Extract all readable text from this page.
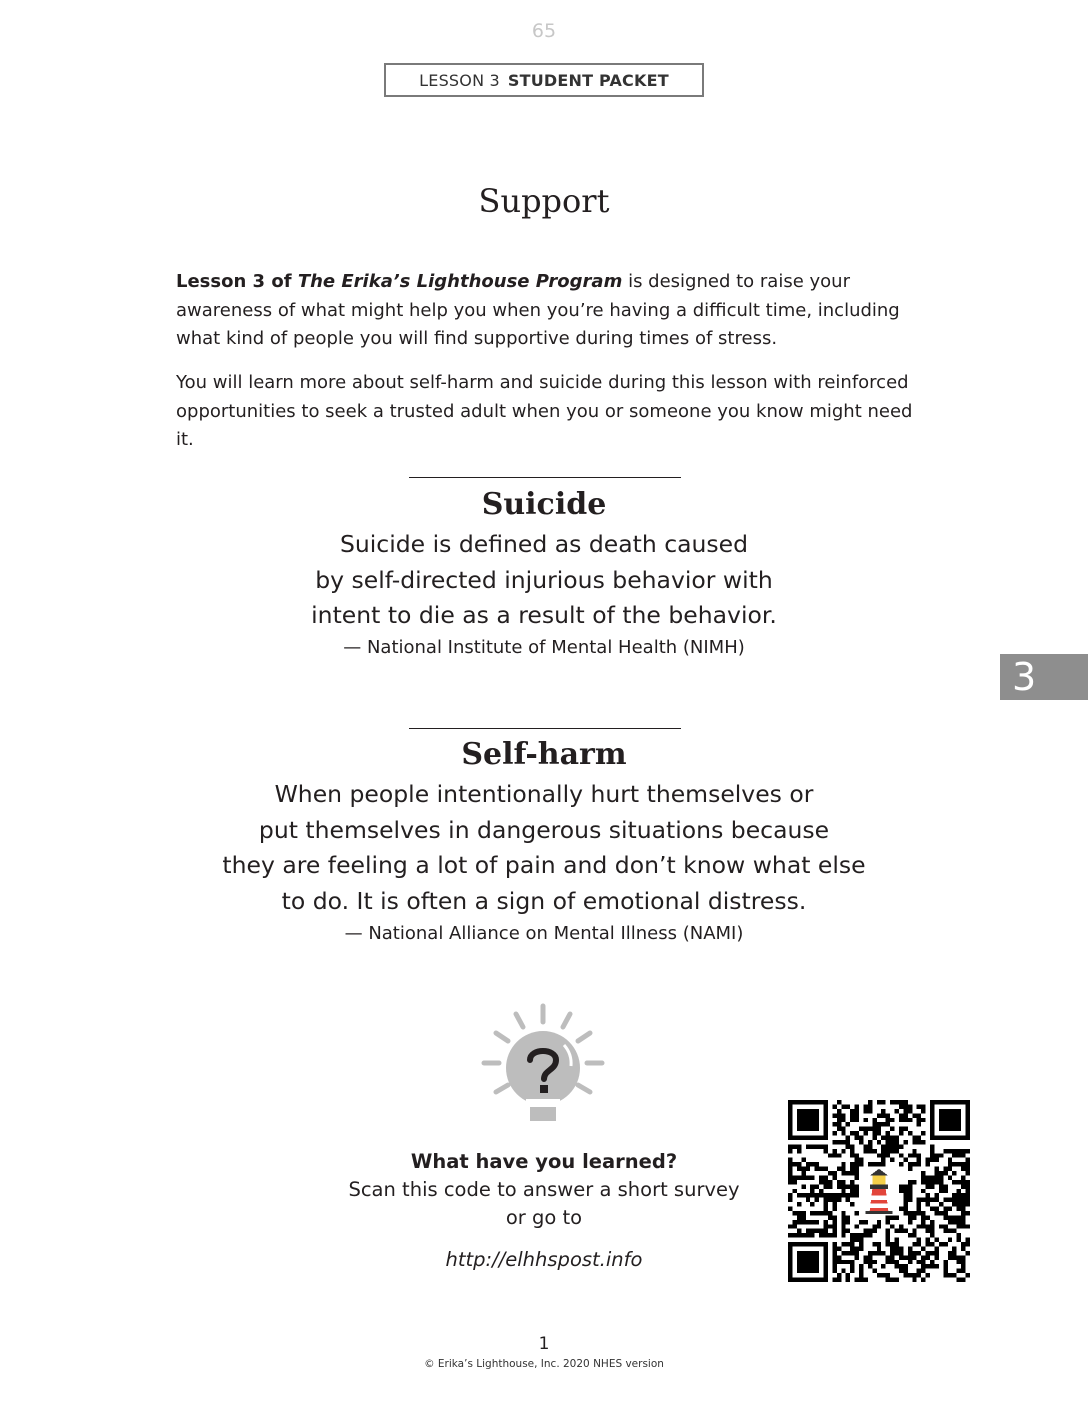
65
LESSON 3 STUDENT PACKET
Support
Lesson 3 of The Erika’s Lighthouse Program is designed to raise your awareness of what might help you when you’re having a difficult time, including what kind of people you will find supportive during times of stress.
You will learn more about self-harm and suicide during this lesson with reinforced opportunities to seek a trusted adult when you or someone you know might need it.
Suicide
Suicide is defined as death caused
by self-directed injurious behavior with
intent to die as a result of the behavior.
— National Institute of Mental Health (NIMH)
3
Self-harm
When people intentionally hurt themselves or
put themselves in dangerous situations because
they are feeling a lot of pain and don’t know what else
to do. It is often a sign of emotional distress.
— National Alliance on Mental Illness (NAMI)
What have you learned?
Scan this code to answer a short survey
or go to
http://elhhspost.info
1
© Erika’s Lighthouse, Inc. 2020 NHES version
